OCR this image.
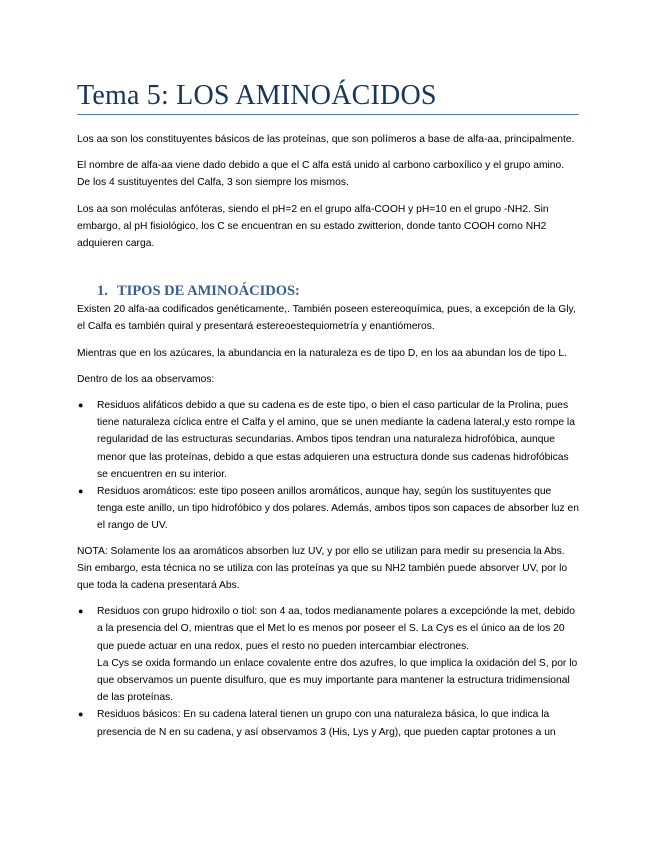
Tema 5: LOS AMINOÁCIDOS

Los aa son los constituyentes básicos de las proteínas, que son polímeros a base de alfa-aa, principalmente.

El nombre de alfa-aa viene dado debido a que el C alfa está unido al carbono carboxílico y el grupo amino. De los 4 sustituyentes del Calfa, 3 son siempre los mismos.

Los aa son moléculas anfóteras, siendo el pH=2 en el grupo alfa-COOH y pH=10 en el grupo -NH2. Sin embargo, al pH fisiológico, los C se encuentran en su estado zwitterion, donde tanto COOH como NH2 adquieren carga.

1. TIPOS DE AMINOÁCIDOS:

Existen 20 alfa-aa codificados genéticamente,. También poseen estereoquímica, pues, a excepción de la Gly, el Calfa es también quiral y presentará estereoestequiometría y enantiómeros.

Mientras que en los azúcares, la abundancia en la naturaleza es de tipo D, en los aa abundan los de tipo L.

Dentro de los aa observamos:

● Residuos alifáticos debido a que su cadena es de este tipo, o bien el caso particular de la Prolina, pues tiene naturaleza cíclica entre el Calfa y el amino, que se unen mediante la cadena lateral,y esto rompe la regularidad de las estructuras secundarias. Ambos tipos tendran una naturaleza hidrofóbica, aunque menor que las proteínas, debido a que estas adquieren una estructura donde sus cadenas hidrofóbicas se encuentren en su interior.
● Residuos aromáticos: este tipo poseen anillos aromáticos, aunque hay, según los sustituyentes que tenga este anillo, un tipo hidrofóbico y dos polares. Además, ambos tipos son capaces de absorber luz en el rango de UV.

NOTA: Solamente los aa aromáticos absorben luz UV, y por ello se utilizan para medir su presencia la Abs. Sin embargo, esta técnica no se utiliza con las proteínas ya que su NH2 también puede absorver UV, por lo que toda la cadena presentará Abs.

● Residuos con grupo hidroxilo o tiol: son 4 aa, todos medianamente polares a excepciónde la met, debido a la presencia del O, mientras que el Met lo es menos por poseer el S. La Cys es el único aa de los 20 que puede actuar en una redox, pues el resto no pueden intercambiar electrones.
La Cys se oxida formando un enlace covalente entre dos azufres, lo que implica la oxidación del S, por lo que observamos un puente disulfuro, que es muy importante para mantener la estructura tridimensional de las proteínas.
● Residuos básicos: En su cadena lateral tienen un grupo con una naturaleza básica, lo que indica la presencia de N en su cadena, y así observamos 3 (His, Lys y Arg), que pueden captar protones a un
